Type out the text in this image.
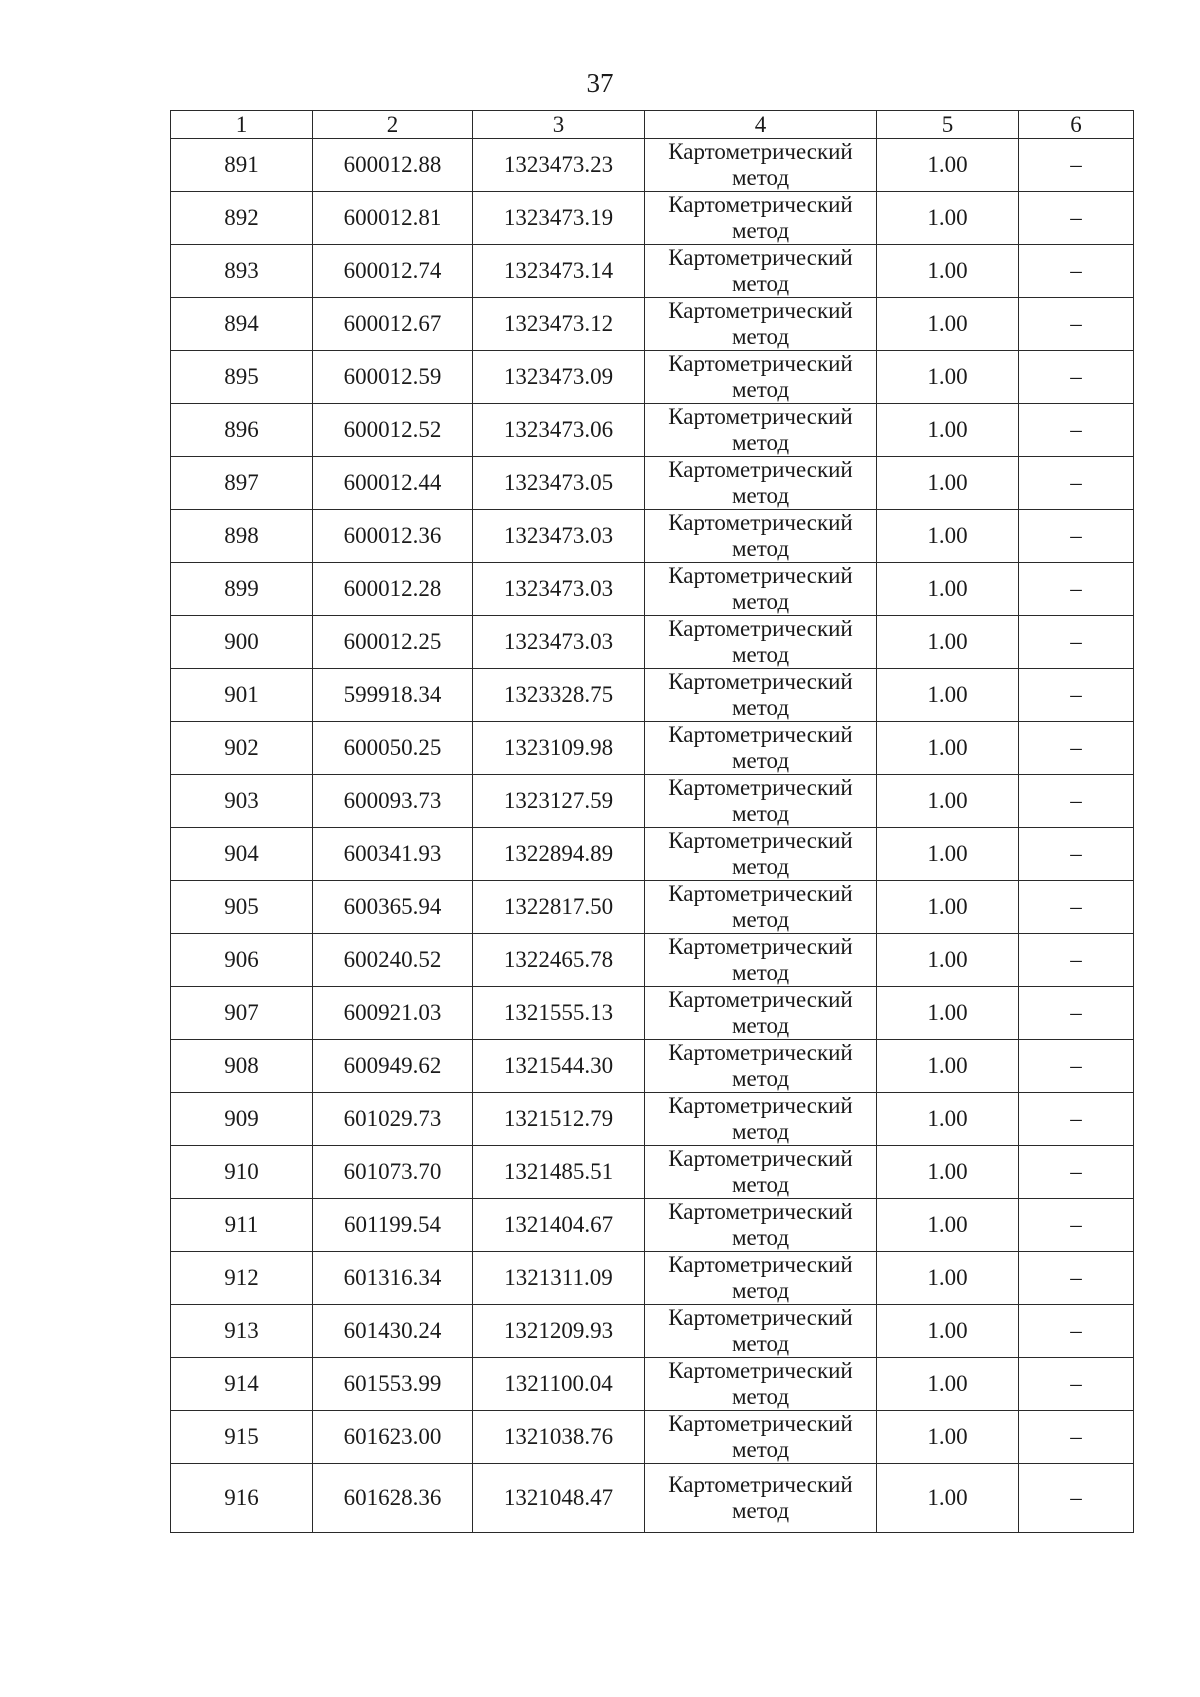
37
1	2	3	4	5	6
891	600012.88	1323473.23	Картометрический
метод	1.00	–
892	600012.81	1323473.19	Картометрический
метод	1.00	–
893	600012.74	1323473.14	Картометрический
метод	1.00	–
894	600012.67	1323473.12	Картометрический
метод	1.00	–
895	600012.59	1323473.09	Картометрический
метод	1.00	–
896	600012.52	1323473.06	Картометрический
метод	1.00	–
897	600012.44	1323473.05	Картометрический
метод	1.00	–
898	600012.36	1323473.03	Картометрический
метод	1.00	–
899	600012.28	1323473.03	Картометрический
метод	1.00	–
900	600012.25	1323473.03	Картометрический
метод	1.00	–
901	599918.34	1323328.75	Картометрический
метод	1.00	–
902	600050.25	1323109.98	Картометрический
метод	1.00	–
903	600093.73	1323127.59	Картометрический
метод	1.00	–
904	600341.93	1322894.89	Картометрический
метод	1.00	–
905	600365.94	1322817.50	Картометрический
метод	1.00	–
906	600240.52	1322465.78	Картометрический
метод	1.00	–
907	600921.03	1321555.13	Картометрический
метод	1.00	–
908	600949.62	1321544.30	Картометрический
метод	1.00	–
909	601029.73	1321512.79	Картометрический
метод	1.00	–
910	601073.70	1321485.51	Картометрический
метод	1.00	–
911	601199.54	1321404.67	Картометрический
метод	1.00	–
912	601316.34	1321311.09	Картометрический
метод	1.00	–
913	601430.24	1321209.93	Картометрический
метод	1.00	–
914	601553.99	1321100.04	Картометрический
метод	1.00	–
915	601623.00	1321038.76	Картометрический
метод	1.00	–
916	601628.36	1321048.47	Картометрический
метод	1.00	–
